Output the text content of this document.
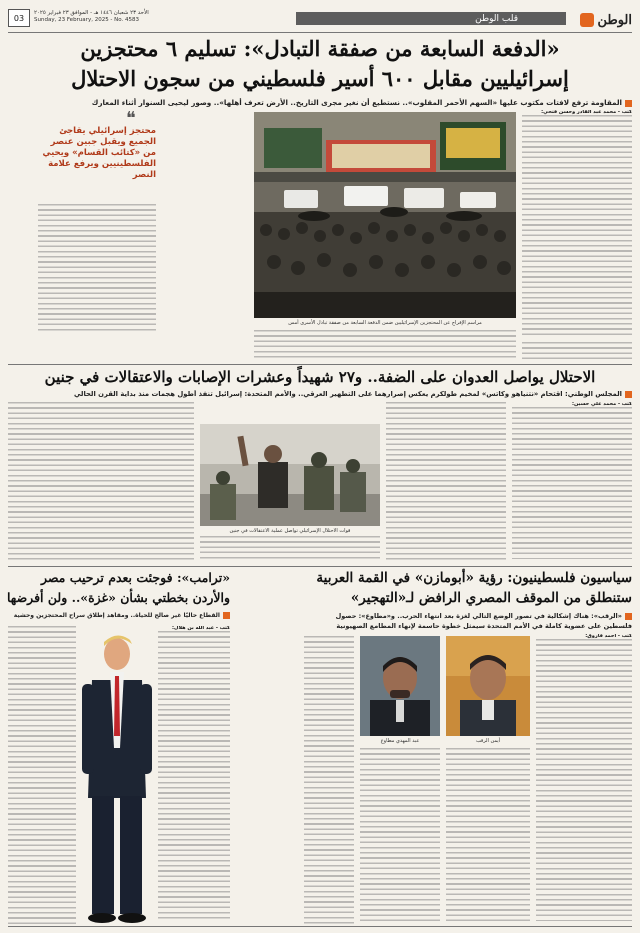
الوطن
قلب الوطن
الأحد ٢٣ شعبان ١٤٤٦ هـ - الموافق ٢٣ فبراير ٢٠٢٥
Sunday, 23 February, 2025 - No. 4583
03
«الدفعة السابعة من صفقة التبادل»: تسليم ٦ محتجزين
إسرائيليين مقابل ٦٠٠ أسير فلسطيني من سجون الاحتلال
المقاومة ترفع لافتات مكتوب عليها «السهم الأحمر المقلوب».. نستطيع أن نغير مجرى التاريخ.. الأرض تعرف أهلها».. وصور ليحيى السنوار أثناء المعارك
كتب - محمد عبد القادر وحسن فتحي:
مراسم الإفراج عن المحتجزين الإسرائيليين ضمن الدفعة السابعة من صفقة تبادل الأسرى أمس
❝
محتجز إسرائيلي يقاجئ الجميع ويقبل جبين عنصر من «كتائب القسام» ويحيي الفلسطينيين ويرفع علامة النصر
الاحتلال يواصل العدوان على الضفة.. و٢٧ شهيداً وعشرات الإصابات والاعتقالات في جنين
المجلس الوطني: اقتحام «نتنياهو وكاتس» لمخيم طولكرم يعكس إصرارهما على التطهير العرقي.. والأمم المتحدة: إسرائيل تنفذ أطول هجمات منذ بداية القرن الحالي
كتب - محمد علي حسين:
قوات الاحتلال الإسرائيلي تواصل عملية الاعتقالات في جنين
سياسيون فلسطينيون: رؤية «أبومازن» في القمة العربية
ستنطلق من الموقف المصري الرافض لـ«التهجير»
«الرقب»: هناك إشكالية في تصور الوضع التالي لغزة بعد انتهاء الحرب.. و«مطاوع»: حصول
فلسطين على عضوية كاملة في الأمم المتحدة سيمثل خطوة حاسمة لإنهاء المطامع الصهيونية
كتب - أحمد فاروق:
أيمن الرقب
عبد المهدي مطاوع
«ترامب»: فوجئت بعدم ترحيب مصر
والأردن بخطتي بشأن «غزة».. ولن أفرضها
القطاع حاليًا غير صالح للحياة.. ومقاهد إطلاق سراح المحتجزين وحشية
كتب - عبد الله بن هلال:
